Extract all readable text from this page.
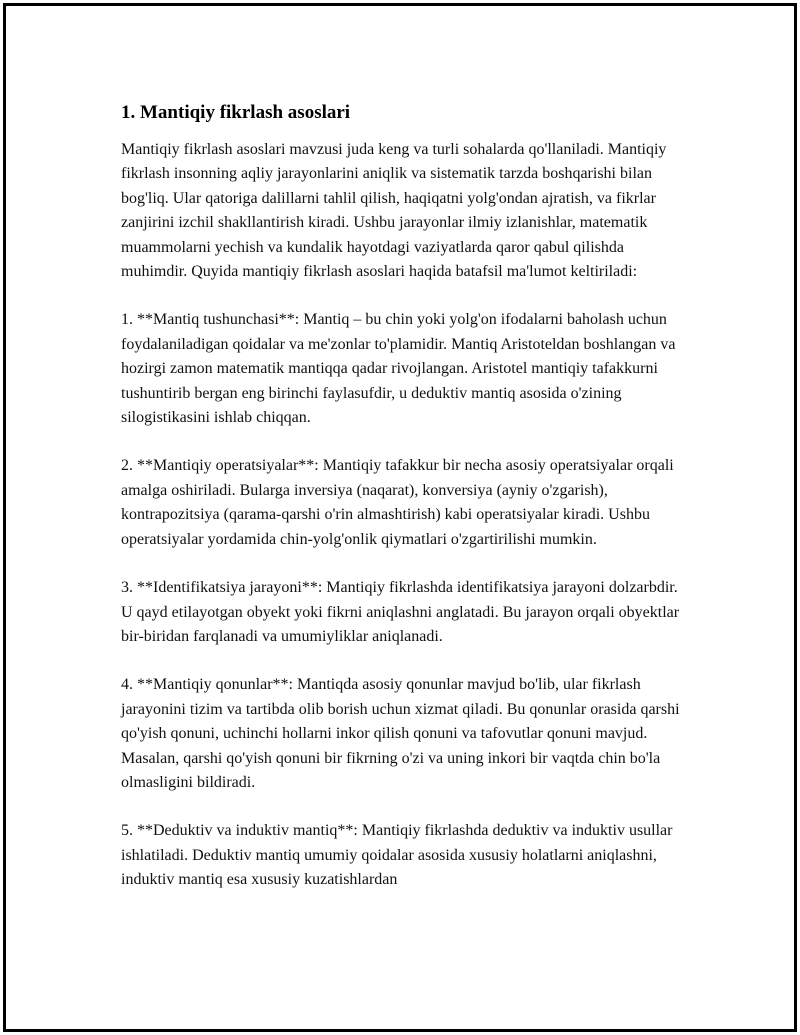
1. Mantiqiy fikrlash asoslari

Mantiqiy fikrlash asoslari mavzusi juda keng va turli sohalarda qo'llaniladi. Mantiqiy fikrlash insonning aqliy jarayonlarini aniqlik va sistematik tarzda boshqarishi bilan bog'liq. Ular qatoriga dalillarni tahlil qilish, haqiqatni yolg'ondan ajratish, va fikrlar zanjirini izchil shakllantirish kiradi. Ushbu jarayonlar ilmiy izlanishlar, matematik muammolarni yechish va kundalik hayotdagi vaziyatlarda qaror qabul qilishda muhimdir. Quyida mantiqiy fikrlash asoslari haqida batafsil ma'lumot keltiriladi:

1. **Mantiq tushunchasi**: Mantiq – bu chin yoki yolg'on ifodalarni baholash uchun foydalaniladigan qoidalar va me'zonlar to'plamidir. Mantiq Aristoteldan boshlangan va hozirgi zamon matematik mantiqqa qadar rivojlangan. Aristotel mantiqiy tafakkurni tushuntirib bergan eng birinchi faylasufdir, u deduktiv mantiq asosida o'zining silogistikasini ishlab chiqqan.

2. **Mantiqiy operatsiyalar**: Mantiqiy tafakkur bir necha asosiy operatsiyalar orqali amalga oshiriladi. Bularga inversiya (naqarat), konversiya (ayniy o'zgarish), kontrapozitsiya (qarama-qarshi o'rin almashtirish) kabi operatsiyalar kiradi. Ushbu operatsiyalar yordamida chin-yolg'onlik qiymatlari o'zgartirilishi mumkin.

3. **Identifikatsiya jarayoni**: Mantiqiy fikrlashda identifikatsiya jarayoni dolzarbdir. U qayd etilayotgan obyekt yoki fikrni aniqlashni anglatadi. Bu jarayon orqali obyektlar bir-biridan farqlanadi va umumiyliklar aniqlanadi.

4. **Mantiqiy qonunlar**: Mantiqda asosiy qonunlar mavjud bo'lib, ular fikrlash jarayonini tizim va tartibda olib borish uchun xizmat qiladi. Bu qonunlar orasida qarshi qo'yish qonuni, uchinchi hollarni inkor qilish qonuni va tafovutlar qonuni mavjud. Masalan, qarshi qo'yish qonuni bir fikrning o'zi va uning inkori bir vaqtda chin bo'la olmasligini bildiradi.

5. **Deduktiv va induktiv mantiq**: Mantiqiy fikrlashda deduktiv va induktiv usullar ishlatiladi. Deduktiv mantiq umumiy qoidalar asosida xususiy holatlarni aniqlashni, induktiv mantiq esa xususiy kuzatishlardan
